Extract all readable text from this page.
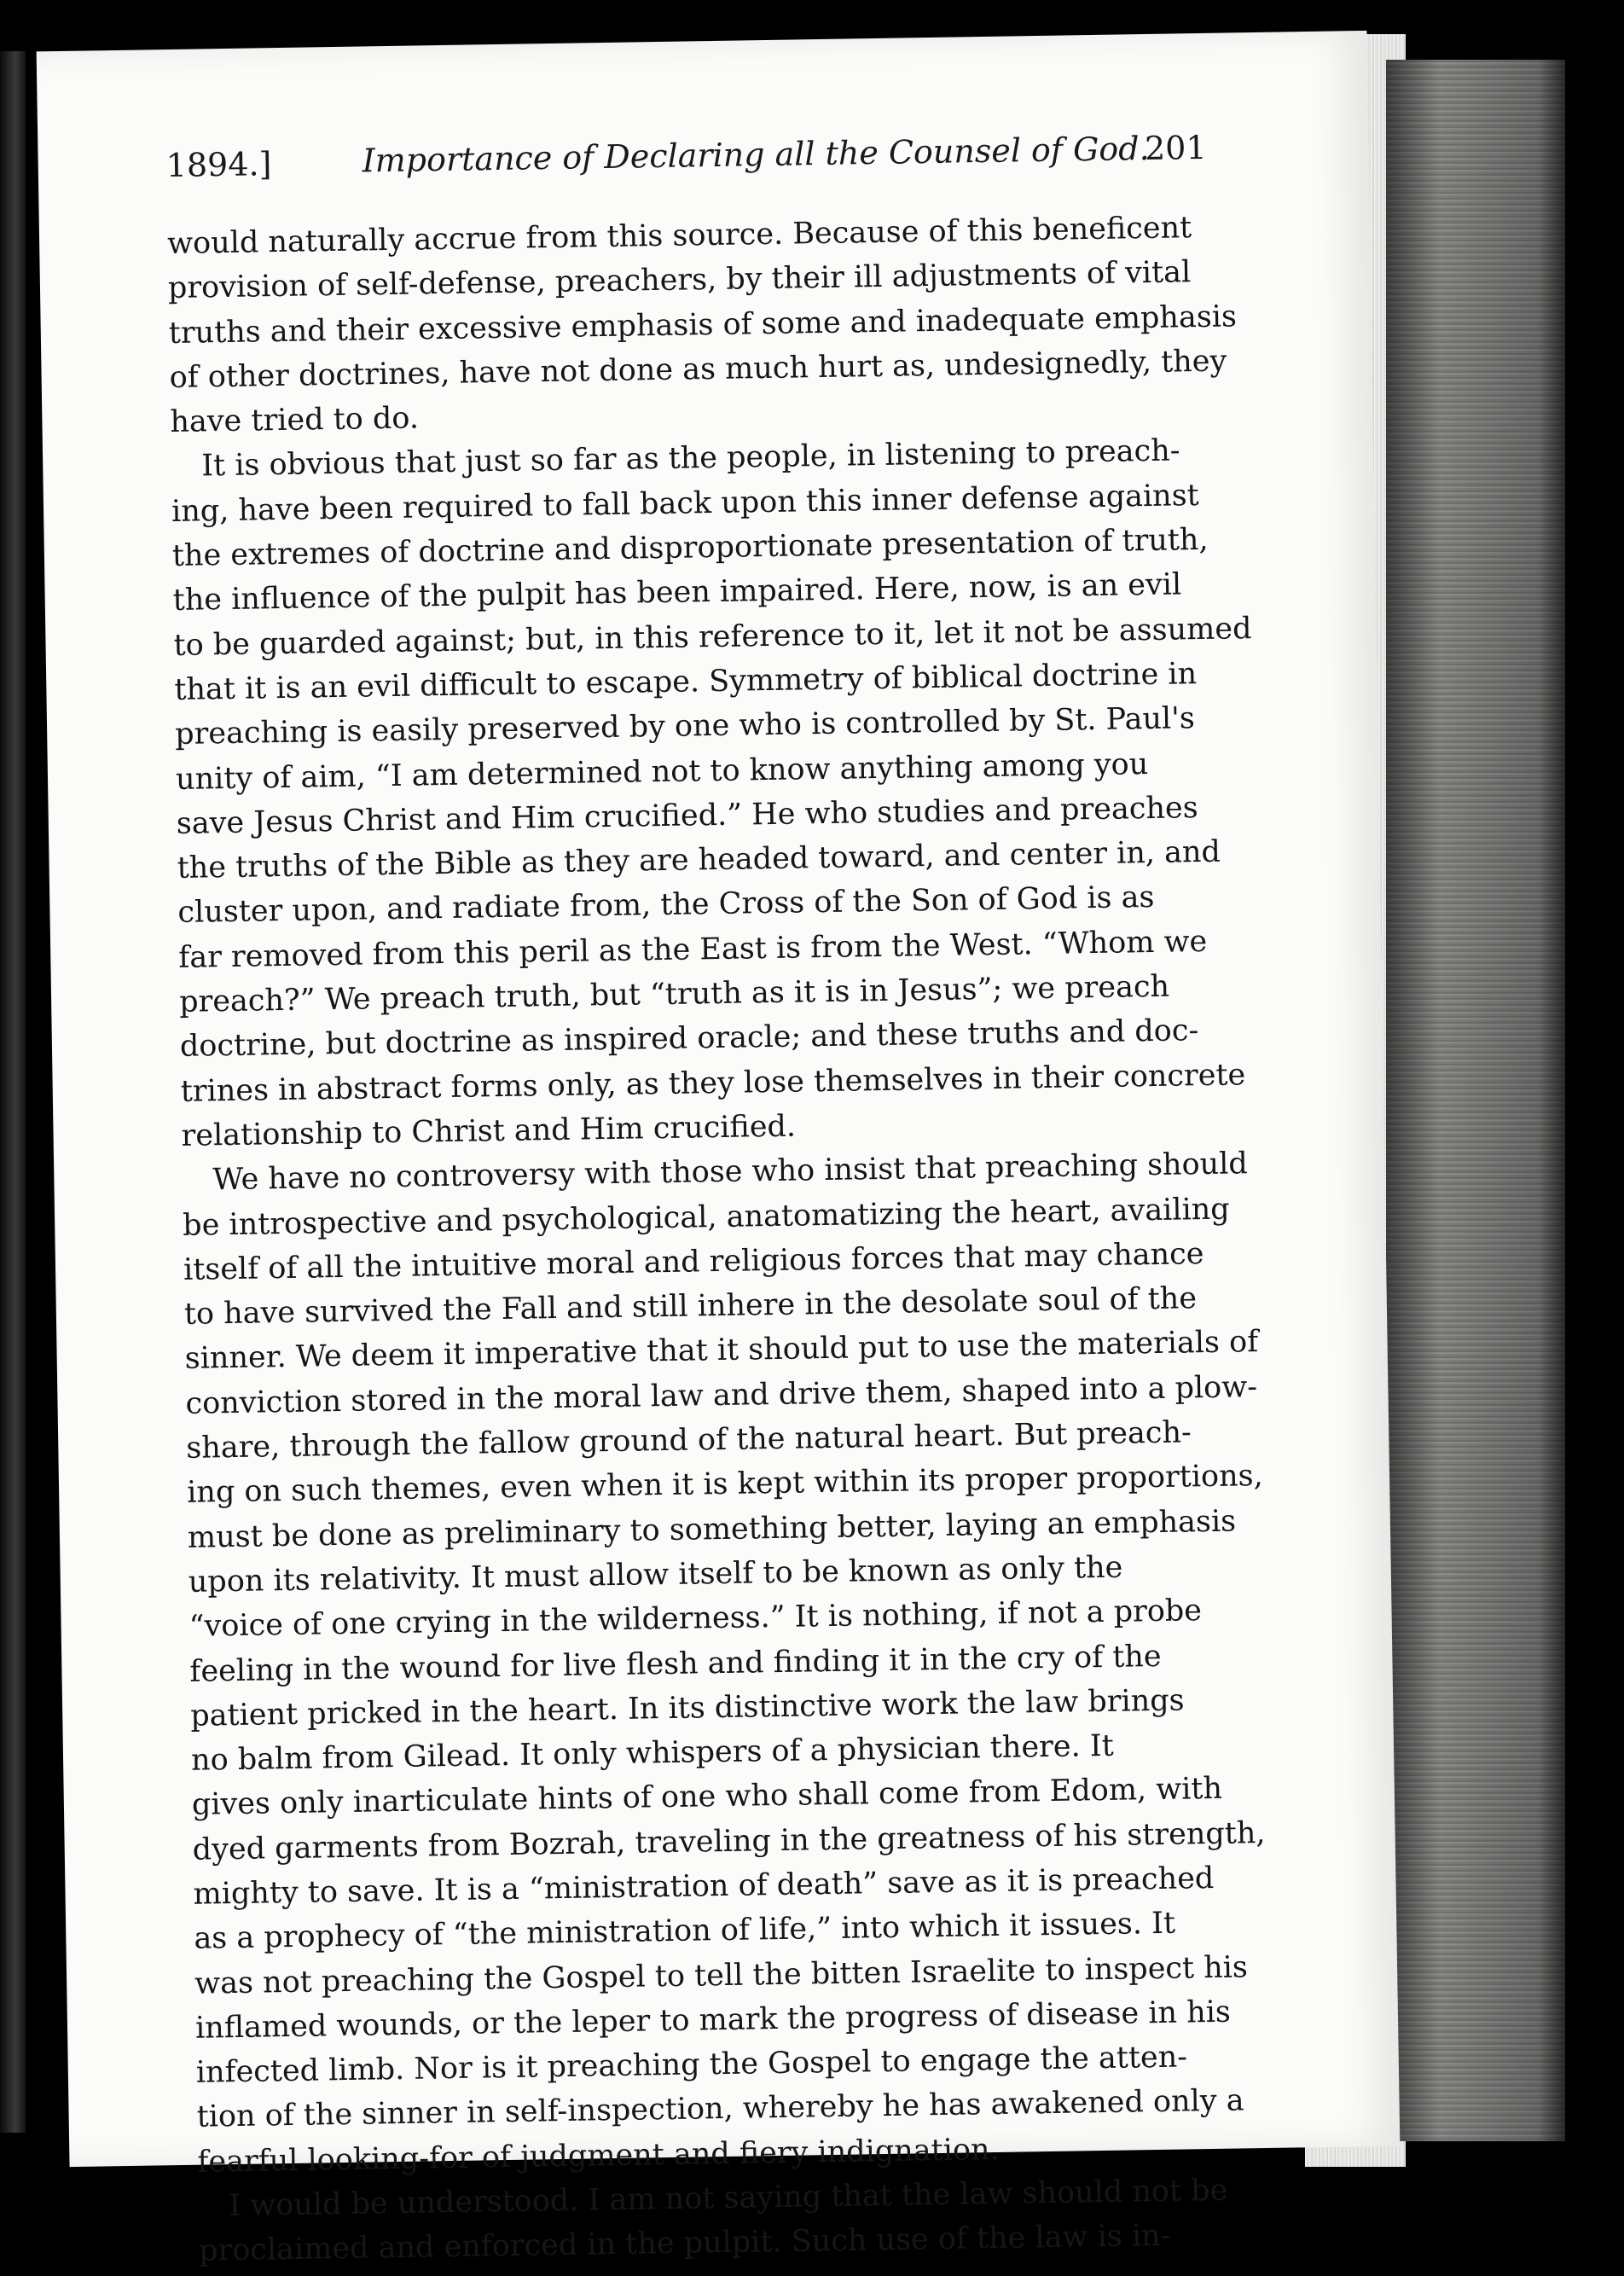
1894.]	Importance of Declaring all the Counsel of God.
201
would naturally accrue from this source. Because of this beneficent
provision of self-defense, preachers, by their ill adjustments of vital
truths and their excessive emphasis of some and inadequate emphasis
of other doctrines, have not done as much hurt as, undesignedly, they
have tried to do.
It is obvious that just so far as the people, in listening to preach-
ing, have been required to fall back upon this inner defense against
the extremes of doctrine and disproportionate presentation of truth,
the influence of the pulpit has been impaired. Here, now, is an evil
to be guarded against; but, in this reference to it, let it not be assumed
that it is an evil difficult to escape. Symmetry of biblical doctrine in
preaching is easily preserved by one who is controlled by St. Paul's
unity of aim, “I am determined not to know anything among you
save Jesus Christ and Him crucified.” He who studies and preaches
the truths of the Bible as they are headed toward, and center in, and
cluster upon, and radiate from, the Cross of the Son of God is as
far removed from this peril as the East is from the West. “Whom we
preach?” We preach truth, but “truth as it is in Jesus”; we preach
doctrine, but doctrine as inspired oracle; and these truths and doc-
trines in abstract forms only, as they lose themselves in their concrete
relationship to Christ and Him crucified.
We have no controversy with those who insist that preaching should
be introspective and psychological, anatomatizing the heart, availing
itself of all the intuitive moral and religious forces that may chance
to have survived the Fall and still inhere in the desolate soul of the
sinner. We deem it imperative that it should put to use the materials of
conviction stored in the moral law and drive them, shaped into a plow-
share, through the fallow ground of the natural heart. But preach-
ing on such themes, even when it is kept within its proper proportions,
must be done as preliminary to something better, laying an emphasis
upon its relativity. It must allow itself to be known as only the
“voice of one crying in the wilderness.” It is nothing, if not a probe
feeling in the wound for live flesh and finding it in the cry of the
patient pricked in the heart. In its distinctive work the law brings
no balm from Gilead. It only whispers of a physician there. It
gives only inarticulate hints of one who shall come from Edom, with
dyed garments from Bozrah, traveling in the greatness of his strength,
mighty to save. It is a “ministration of death” save as it is preached
as a prophecy of “the ministration of life,” into which it issues. It
was not preaching the Gospel to tell the bitten Israelite to inspect his
inflamed wounds, or the leper to mark the progress of disease in his
infected limb. Nor is it preaching the Gospel to engage the atten-
tion of the sinner in self-inspection, whereby he has awakened only a
fearful looking-for of judgment and fiery indignation.
I would be understood. I am not saying that the law should not be
proclaimed and enforced in the pulpit. Such use of the law is in-
